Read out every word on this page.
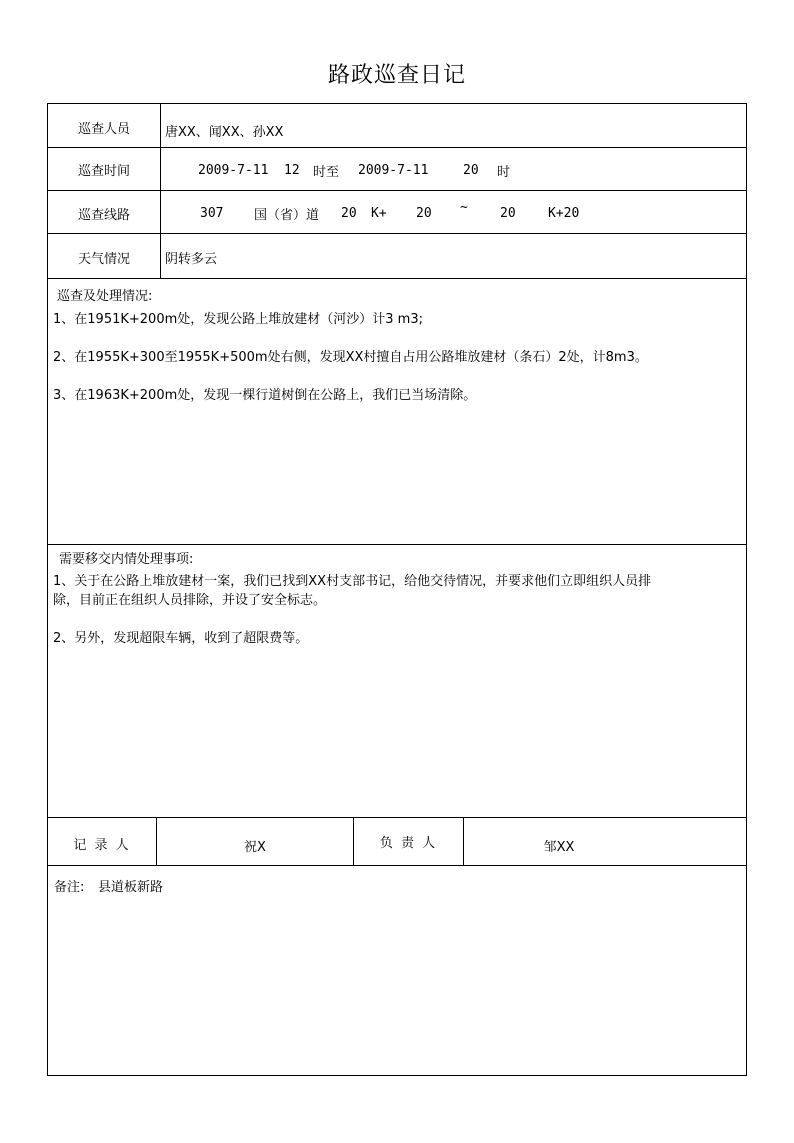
路政巡查日记
巡查人员	唐XX、闻XX、孙XX
巡查时间	2009-7-11 12 时至 2009-7-11	20 时
巡查线路	307 国（省）道 20 K+ 20 ~ 20 K+20
天气情况	阴转多云

巡查及处理情况:

1、在1951K+200m处，发现公路上堆放建材（河沙）计3 m3;

2、在1955K+300至1955K+500m处右侧，发现XX村擅自占用公路堆放建材（条石）2处，计8m3。

3、在1963K+200m处，发现一棵行道树倒在公路上，我们已当场清除。

需要移交内情处理事项:

1、关于在公路上堆放建材一案，我们已找到XX村支部书记，给他交待情况，并要求他们立即组织人员排

除，目前正在组织人员排除，并设了安全标志。

2、另外，发现超限车辆，收到了超限费等。

记 录 人	祝X	负 责 人	邹XX
备注: 县道板新路
